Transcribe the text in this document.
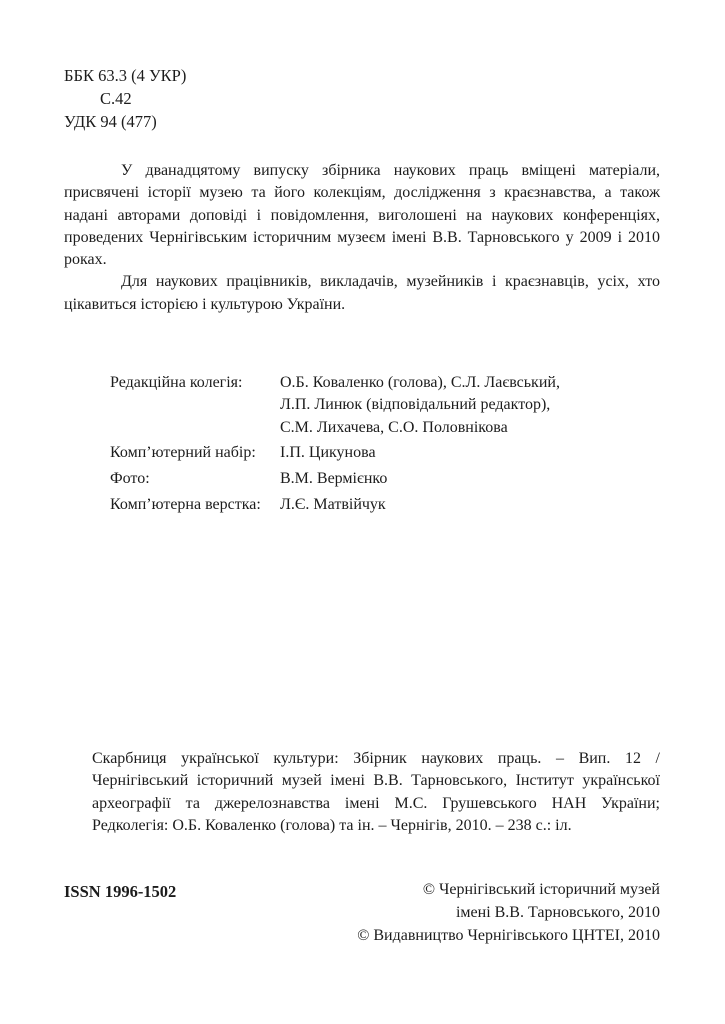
ББК 63.3 (4 УКР)
С.42
УДК 94 (477)

У дванадцятому випуску збірника наукових праць вміщені матеріали, присвячені історії музею та його колекціям, дослідження з краєзнавства, а також надані авторами доповіді і повідомлення, виголошені на наукових конференціях, проведених Чернігівським історичним музеєм імені В.В. Тарновського у 2009 і 2010 роках.

Для наукових працівників, викладачів, музейників і краєзнавців, усіх, хто цікавиться історією і культурою України.

Редакційна колегія:	О.Б. Коваленко (голова), С.Л. Лаєвський,
Л.П. Линюк (відповідальний редактор),
С.М. Лихачева, С.О. Половнікова
Комп’ютерний набір:	І.П. Цикунова
Фото:	В.М. Вермієнко
Комп’ютерна верстка:	Л.Є. Матвійчук

Скарбниця української культури: Збірник наукових праць. – Вип. 12 /Чернігівський історичний музей імені В.В. Тарновського, Інститут української археографії та джерелознавства імені М.С. Грушевського НАН України; Редколегія: О.Б. Коваленко (голова) та ін. – Чернігів, 2010. – 238 с.: іл.

ISSN 1996-1502	© Чернігівський історичний музей
імені В.В. Тарновського, 2010
© Видавництво Чернігівського ЦНТЕІ, 2010
